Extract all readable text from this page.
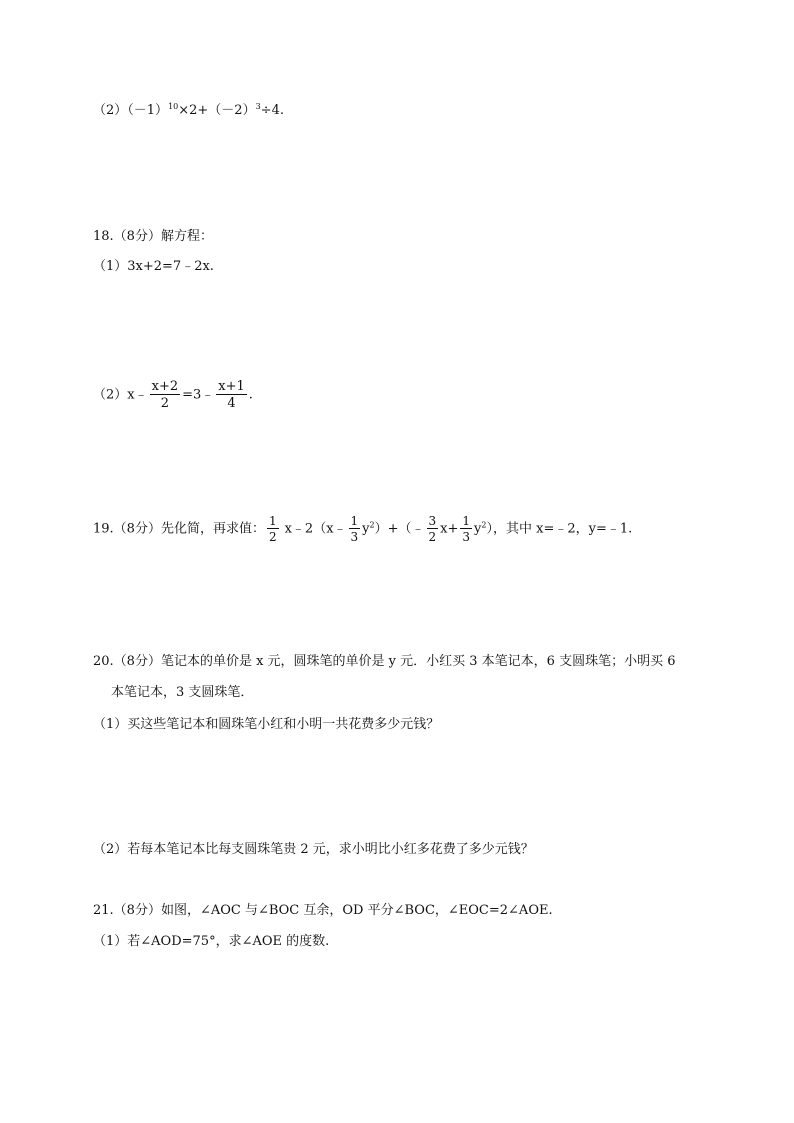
$(2)(-1)^{10}\times 2+(-2)^3\div 4$.
18.（8分）解方程：
（1）3x+2=7﹣2x.
（2）x﹣ $\frac{x+2}{2}$ =3﹣ $\frac{x+1}{4}$ .
19.（8分）先化简，再求值： $\frac{1}{2}$ x﹣2（x﹣ $\frac{1}{3}$ $y^2)+(﹣ \frac{3}{2} x+ \frac{1}{3} y^2)$，其中 x=﹣2，y=﹣1.
20.（8分）笔记本的单价是 x 元，圆珠笔的单价是 y 元．小红买 3 本笔记本，6 支圆珠笔；小明买 6
本笔记本，3 支圆珠笔．
（1）买这些笔记本和圆珠笔小红和小明一共花费多少元钱？
（2）若每本笔记本比每支圆珠笔贵 2 元，求小明比小红多花费了多少元钱？
21.（8分）如图，∠AOC 与∠BOC 互余，OD 平分∠BOC，∠EOC=2∠AOE.
（1）若∠AOD=75°，求∠AOE 的度数.
